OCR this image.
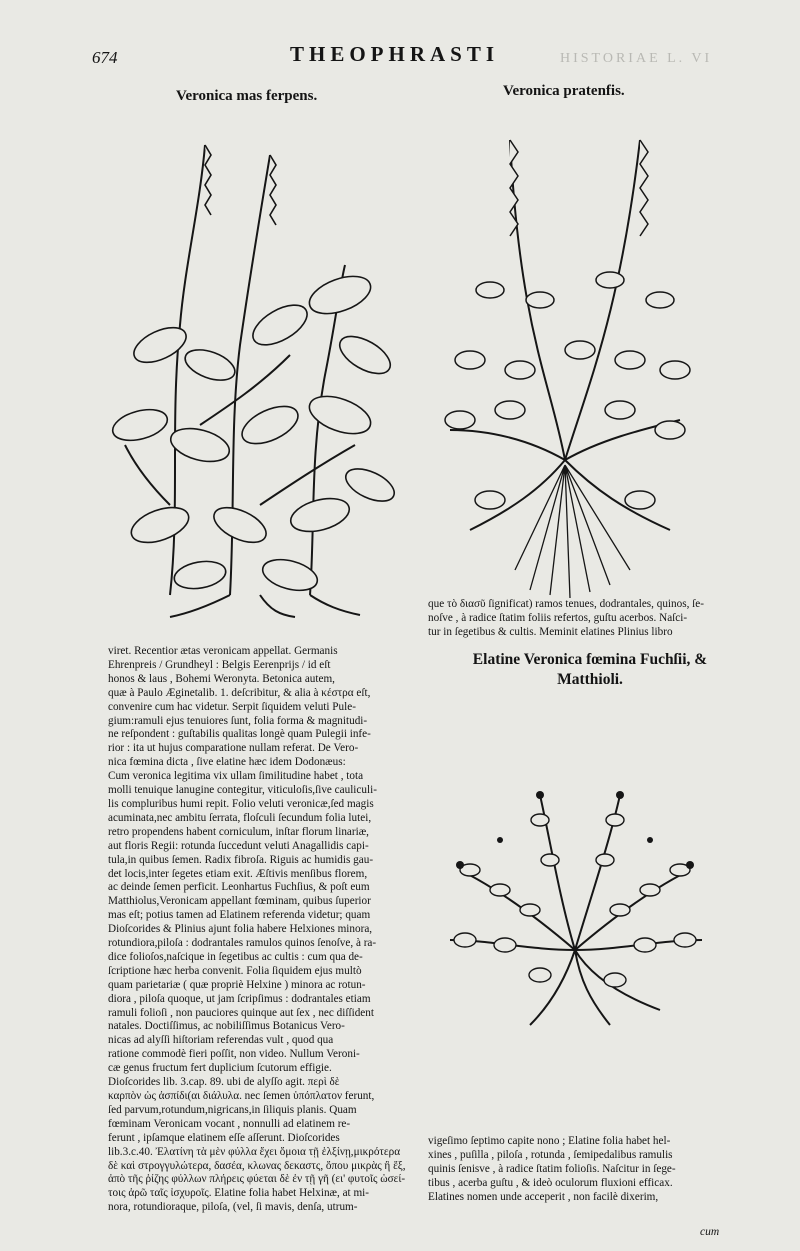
HISTORIAE L. VI
674	THEOPHRASTI
Veronica mas ferpens.	Veronica pratenfis.

viret. Recentior ætas veronicam appellat. Germanis

Ehrenpreis / Grundheyl : Belgis Eerenprijs / id eſt

honos & laus , Bohemi Weronyta. Betonica autem,

quæ à Paulo Æginetalib. 1. deſcribitur, & alia à κέστρα eſt,

convenire cum hac videtur. Serpit ſiquidem veluti Pule-

gium:ramuli ejus tenuiores ſunt, folia forma & magnitudi-

ne reſpondent : guſtabilis qualitas longè quam Pulegii infe-

rior : ita ut hujus comparatione nullam referat. De Vero-

nica fœmina dicta , ſive elatine hæc idem Dodonæus:

Cum veronica legitima vix ullam ſimilitudine habet , tota

molli tenuique lanugine contegitur, viticuloſis,ſive cauliculi-

lis compluribus humi repit. Folio veluti veronicæ,ſed magis

acuminata,nec ambitu ſerrata, floſculi ſecundum folia lutei,

retro propendens habent corniculum, inſtar florum linariæ,

aut floris Regii: rotunda ſuccedunt veluti Anagallidis capi-

tula,in quibus ſemen. Radix fibroſa. Riguis ac humidis gau-

det locis,inter ſegetes etiam exit. Æſtivis menſibus florem,

ac deinde ſemen perficit. Leonhartus Fuchſius, & poſt eum

Matthiolus,Veronicam appellant fœminam, quibus ſuperior

mas eſt; potius tamen ad Elatinem referenda videtur; quam

Dioſcorides & Plinius ajunt folia habere Helxiones minora,

rotundiora,piloſa : dodrantales ramulos quinos ſenoſve, à ra-

dice folioſos,naſcique in ſegetibus ac cultis : cum qua de-

ſcriptione hæc herba convenit. Folia ſiquidem ejus multò

quam parietariæ ( quæ propriè Helxine ) minora ac rotun-

diora , piloſa quoque, ut jam ſcripſimus : dodrantales etiam

ramuli folioſi , non pauciores quinque aut ſex , nec diſſident

natales. Doctiſſimus, ac nobiliſſimus Botanicus Vero-

nicas ad alyſſi hiſtoriam referendas vult , quod qua

ratione commodè fieri poſſit, non video. Nullum Veroni-

cæ genus fructum fert duplicium ſcutorum effigie.

Dioſcorides lib. 3.cap. 89. ubi de alyſſo agit. περὶ δὲ

καρπὸν ὡς ἀσπίδι(αι διάλυλα. nec ſemen ὑπόπλατον ferunt,

ſed parvum,rotundum,nigricans,in ſiliquis planis. Quam

fœminam Veronicam vocant , nonnulli ad elatinem re-

ferunt , ipſamque elatinem eſſe aſſerunt. Dioſcorides

lib.3.c.40. Ἐλατίνη τὰ μὲν φύλλα ἔχει ὅμοια τῇ ἑλξίνῃ,μικρότερα

δὲ καὶ στρογγυλώτερα, δασέα, κλωνας δεκαστς, ὅπου μικρὰς ἢ ἕξ,

ἀπὸ τῆς ῥίζης φύλλων πλήρεις φύεται δὲ ἐν τῇ γῆ (ει' φυτοῖς ὠσεί-

τοις ἀρῶ ταῖς ἰσχυροῖς. Elatine folia habet Helxinæ, at mi-

nora, rotundioraque, piloſa, (vel, ſi mavis, denſa, utrum-

que τὸ διασῦ ſignificat) ramos tenues, dodrantales, quinos, ſe-

noſve , à radice ſtatim foliis refertos, guſtu acerbos. Naſci-

tur in ſegetibus & cultis. Meminit elatines Plinius libro

Elatine Veronica fœmina Fuchſii, & Matthioli.

vigeſimo ſeptimo capite nono ; Elatine folia habet hel-

xines , puſilla , piloſa , rotunda , ſemipedalibus ramulis

quinis ſenisve , à radice ſtatim folioſis. Naſcitur in ſege-

tibus , acerba guſtu , & ideò oculorum fluxioni efficax.

Elatines nomen unde acceperit , non facilè dixerim,

cum
